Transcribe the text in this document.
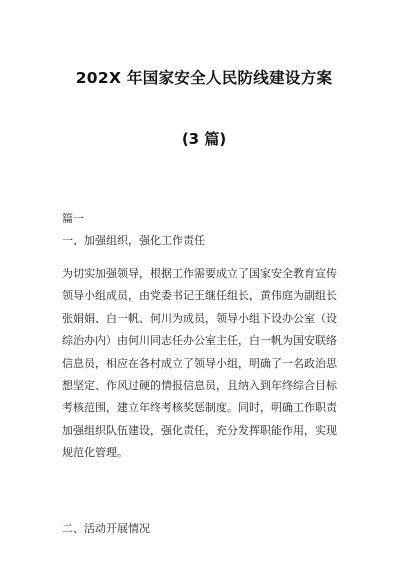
202X 年国家安全人民防线建设方案
(3 篇)
篇一
一、加强组织，强化工作责任
为切实加强领导，根据工作需要成立了国家安全教育宣传
领导小组成员，由党委书记王继任组长，黄伟庭为副组长
张娟娟、白一帆、何川为成员，领导小组下设办公室（设
综治办内）由何川同志任办公室主任，白一帆为国安联络
信息员，相应在各村成立了领导小组，明确了一名政治思
想坚定、作风过硬的情报信息员，且纳入到年终综合目标
考核范围，建立年终考核奖惩制度。同时，明确工作职责
加强组织队伍建设，强化责任，充分发挥职能作用，实现
规范化管理。
二、活动开展情况
